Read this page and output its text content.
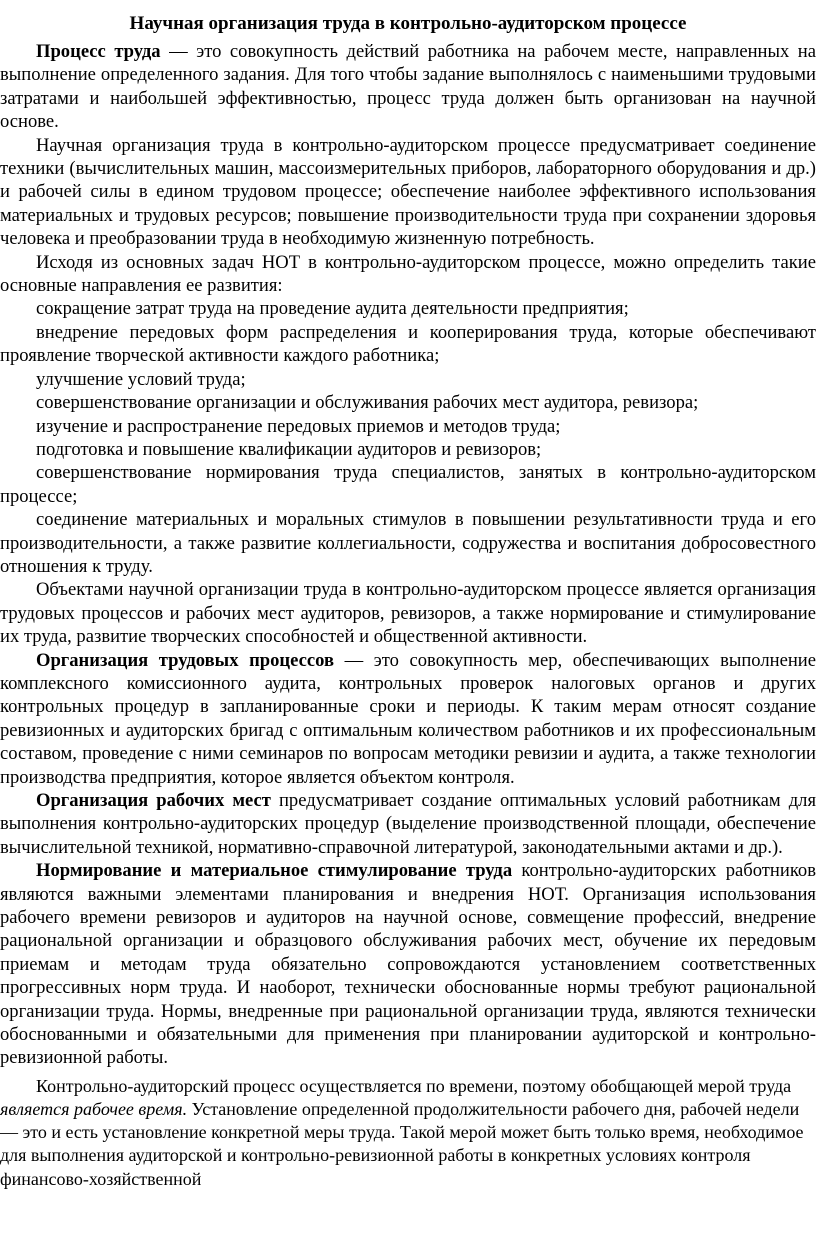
Научная организация труда в контрольно-аудиторском процессе

Процесс труда — это совокупность действий работника на рабочем месте, направленных на выполнение определенного задания. Для того чтобы задание выполнялось с наименьшими трудовыми затратами и наибольшей эффективностью, процесс труда должен быть организован на научной основе.

Научная организация труда в контрольно-аудиторском процессе предусматривает соединение техники (вычислительных машин, массоизмерительных приборов, лабораторного оборудования и др.) и рабочей силы в едином трудовом процессе; обеспечение наиболее эффективного использования материальных и трудовых ресурсов; повышение производительности труда при сохранении здоровья человека и преобразовании труда в необходимую жизненную потребность.

Исходя из основных задач НОТ в контрольно-аудиторском процессе, можно определить такие основные направления ее развития:

сокращение затрат труда на проведение аудита деятельности предприятия;

внедрение передовых форм распределения и кооперирования труда, которые обеспечивают проявление творческой активности каждого работника;

улучшение условий труда;

совершенствование организации и обслуживания рабочих мест аудитора, ревизора;

изучение и распространение передовых приемов и методов труда;

подготовка и повышение квалификации аудиторов и ревизоров;

совершенствование нормирования труда специалистов, занятых в контрольно-аудиторском процессе;

соединение материальных и моральных стимулов в повышении результативности труда и его производительности, а также развитие коллегиальности, содружества и воспитания добросовестного отношения к труду.

Объектами научной организации труда в контрольно-аудиторском процессе является организация трудовых процессов и рабочих мест аудиторов, ревизоров, а также нормирование и стимулирование их труда, развитие творческих способностей и общественной активности.

Организация трудовых процессов — это совокупность мер, обеспечивающих выполнение комплексного комиссионного аудита, контрольных проверок налоговых органов и других контрольных процедур в запланированные сроки и периоды. К таким мерам относят создание ревизионных и аудиторских бригад с оптимальным количеством работников и их профессиональным составом, проведение с ними семинаров по вопросам методики ревизии и аудита, а также технологии производства предприятия, которое является объектом контроля.

Организация рабочих мест предусматривает создание оптимальных условий работникам для выполнения контрольно-аудиторских процедур (выделение производственной площади, обеспечение вычислительной техникой, нормативно-справочной литературой, законодательными актами и др.).

Нормирование и материальное стимулирование труда контрольно-аудиторских работников являются важными элементами планирования и внедрения НОТ. Организация использования рабочего времени ревизоров и аудиторов на научной основе, совмещение профессий, внедрение рациональной организации и образцового обслуживания рабочих мест, обучение их передовым приемам и методам труда обязательно сопровождаются установлением соответственных прогрессивных норм труда. И наоборот, технически обоснованные нормы требуют рациональной организации труда. Нормы, внедренные при рациональной организации труда, являются технически обоснованными и обязательными для применения при планировании аудиторской и контрольно-ревизионной работы.

Контрольно-аудиторский процесс осуществляется по времени, поэтому обобщающей мерой труда является рабочее время. Установление определенной продолжительности рабочего дня, рабочей недели — это и есть установление конкретной меры труда. Такой мерой может быть только время, необходимое для выполнения аудиторской и контрольно-ревизионной работы в конкретных условиях контроля финансово-хозяйственной
